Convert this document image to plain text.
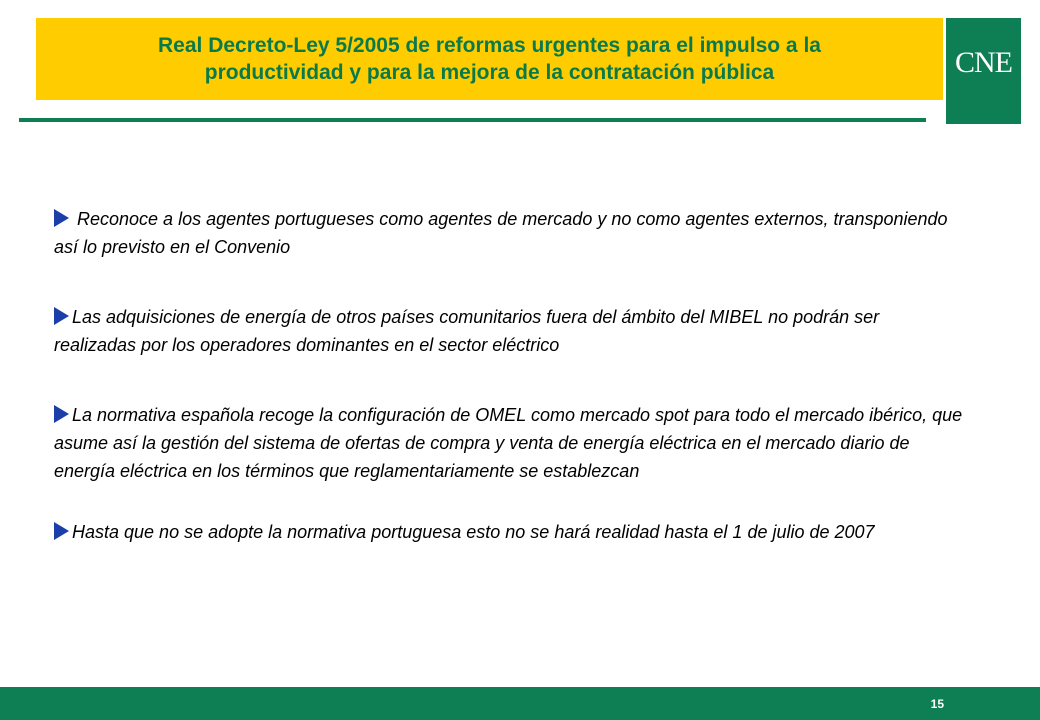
Real Decreto-Ley 5/2005 de reformas urgentes para el impulso a la
productividad y para la mejora de la contratación pública	CNE
Reconoce a los agentes portugueses como agentes de mercado y no como agentes externos, transponiendo así lo previsto en el Convenio
Las adquisiciones de energía de otros países comunitarios fuera del ámbito del MIBEL no podrán ser realizadas por los operadores dominantes en el sector eléctrico
La normativa española recoge la configuración de OMEL como mercado spot para todo el mercado ibérico, que asume así la gestión del sistema de ofertas de compra y venta de energía eléctrica en el mercado diario de energía eléctrica en los términos que reglamentariamente se establezcan
Hasta que no se adopte la normativa portuguesa esto no se hará realidad hasta el 1 de julio de 2007
15
